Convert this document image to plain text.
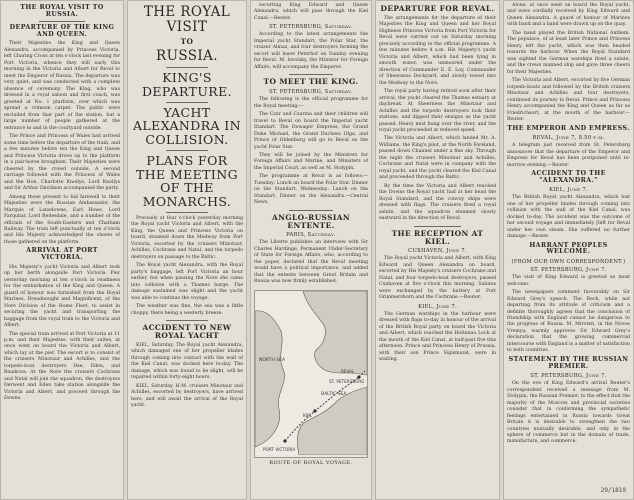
THE ROYAL VISIT TO RUSSIA.
DEPARTURE OF THE KING AND QUEEN.

Their Majesties the King and Queen Alexandra, accompanied by Princess Victoria, left Charing Cross at ten o'clock last evening for Port Victoria, whence they will early this morning in the Victoria and Albert for Reval to meet the Emperor of Russia. The departure was very quiet, and was conducted with a complete absence of ceremony. The King, who was dressed in a royal saloon and first coach, was greeted at No. 1 platform, over which was spread a crimson carpet. The public were excluded from that part of the station, but a large number of people gathered at the entrance to and in the courtyard outside.

The Prince and Princess of Wales had arrived some time before the departure of the train, and a few minutes before ten the King and Queen and Princess Victoria drove up to the platform in a pair-horse brougham. Their Majesties were cheered by the crowd outside. A second carriage followed with the Princess of Wales and the Hon. Charlotte Knollys. Lord Knollys and Sir Arthur Davidson accompanied the party.

Among those present to bid farewell to their Majesties were the Russian Ambassador, the Marquis of Lansdowne, Earl Howe, Lord Farquhar, Lord Redesdale, and a number of the officials of the South-Eastern and Chatham Railway. The train left punctually at ten o'clock and His Majesty acknowledged the cheers of those gathered on the platform.

ARRIVAL AT PORT VICTORIA.

His Majesty's yacht Victoria and Albert took up her berth alongside Port Victoria Pier yesterday morning at ten o'clock in readiness for the embarkation of the King and Queen. A guard of honour was furnished from the Royal Marines, Dreadnought and Magnificent, of the Nore Division of the Home Fleet, to assist in securing the yacht and transporting the baggage from the royal train to the Victoria and Albert.

The special train arrived at Port Victoria at 11 p.m. and their Majesties, with their suites, at once went on board the Victoria and Albert, which lay at the pier. The escort is to consist of the cruisers Minotaur and Achilles, and the torpedo-boat destroyers Dee, Eden, and Boadicea. At the Nore the cruisers Cochrane and Natal will join the squadron, the destroyers Derwent and Eden take station alongside the Victoria and Albert, and proceed through the Downs.

THE ROYAL VISIT
TO
RUSSIA.
KING'S DEPARTURE.
YACHT ALEXANDRA IN COLLISION.
PLANS FOR THE MEETING OF THE MONARCHS.

Precisely at four o'clock yesterday morning the Royal yacht Victoria and Albert, with the King, the Queen and Princess Victoria on board, steamed down the Medway from Port Victoria, escorted by the cruisers Minotaur, Achilles, Cochrane and Natal, and the torpedo destroyers on passage to the Baltic.

The Royal yacht Alexandra, with the Royal party's baggage, left Port Victoria an hour earlier, but when passing the Nore she came into collision with a Thames barge. The damage sustained was slight and the yacht was able to continue the voyage.

The weather was fine, the sea was a little choppy, there being a westerly breeze.

ACCIDENT TO NEW ROYAL YACHT

KIEL, Saturday. The Royal yacht Alexandra, which damaged one of her propeller blades through coming into contact with the wall of the Kiel Canal, was docked here to-day. The damage, which was found to be slight, will be repaired within forty-eight hours.

KIEL, Saturday. H.M. cruisers Minotaur and Achilles, escorted by destroyers, have arrived here, and will await the arrival of the Royal yacht.

escorting King Edward and Queen Alexandra, which will pass through the Kiel Canal.—Reuter.

ST. PETERSBURG, Saturday.

According to the latest arrangements the Imperial yacht Standart, the Polar Star, the cruiser Almaz, and four destroyers forming the escort will leave Peterhof on Sunday evening for Reval. M. Isvolsky, the Minister for Foreign Affairs, will accompany the Emperor.

TO MEET THE KING.
ST. PETERSBURG, Saturday.

The following is the official programme for the Royal meeting:—

The Czar and Czarina and their children will travel to Reval on board the Imperial yacht Standart. The Dowager Empress, the Grand Duke Michael, the Grand Duchess Olga, and Prince of Oldenburg will go to Reval on the yacht Polar Star.

They will be joined by the Ministers for Foreign Affairs and Marine, and Ministers of the Imperial Court, as well as M. Stolypin.

The programme at Reval is as follows:— Tuesday: Lunch on board the Polar Star. Dinner on the Standart. Wednesday: Lunch on the Standart. Dinner on the Alexandra.—Central News.

ANGLO-RUSSIAN ENTENTE.
PARIS, Saturday.

The Liberte publishes an interview with Sir Charles Hardinge, Permanent Under-Secretary of State for Foreign Affairs, who, according to the paper, declared that the Reval meeting would have a political importance, and added that the entente between Great Britain and Russia was now firmly established.

BALTIC SEA
NORTH SEA
KIEL
REVAL
PORT VICTORIA
ST. PETERSBURG
ROUTE OF ROYAL VOYAGE.
DEPARTURE FOR REVAL.

The arrangements for the departure of their Majesties the King and Queen and her Royal Highness Princess Victoria from Port Victoria for Reval were carried out on Saturday morning precisely according to the official programme. A few minutes before 4 a.m. His Majesty's yacht Victoria and Albert, which had been lying in smooth water, was unmoored under the direction of Commander E. E. Loy, Commander of Sheerness Dockyard, and slowly towed into the Medway to the Nore.

The royal party having retired soon after their arrival, the yacht cleared the Thames estuary at daybreak. At Sheerness the Minotaur and Achilles and the torpedo destroyers took their stations, and dipped their ensigns as the yacht passed. Heavy mist hung over the river, and the royal yacht proceeded at reduced speed.

The Victoria and Albert, which landed Mr. A. Williams, the King's pilot, at the North Foreland, passed down Channel under a fine sky. Through the night the cruisers Minotaur and Achilles, Cochrane and Natal were in company with the royal yacht, and the yacht cleared the Kiel Canal and proceeded through the Baltic.

By the time the Victoria and Albert reached the Downs the Royal yacht had at her head the Royal Standard, and the convoy ships were dressed with flags. The cruisers fired a royal salute, and the squadron steamed slowly eastward in the direction of Reval.

THE RECEPTION AT KIEL.
CUXHAVEN, June 7.

The Royal yacht Victoria and Albert, with King Edward and Queen Alexandra on board, escorted by His Majesty's cruisers Cochrane and Natal, and four torpedo-boat destroyers, passed Cuxhaven at five o'clock this morning. Salutes were exchanged by the battery at Fort Grimmershorn and the Cochrane.—Reuter.

KIEL, June 7.

The German warships in the harbour were dressed with flags to-day in honour of the arrival of the British Royal party on board the Victoria and Albert, which reached the Holtenau Lock at the mouth of the Kiel Canal, at half-past five this afternoon. Prince and Princess Henry of Prussia, with their son Prince Sigismund, were in waiting.

Alone, at once went on board the Royal yacht, and were cordially received by King Edward and Queen Alexandra. A guard of honour of Marines with band and a band were drawn up on the quay.

The band played the British National Anthem. The populace, of at least later Prince and Princess Henry left the yacht, which was then headed towards the harbour. When the Royal Standard was sighted the German warships fired a salute, and the crews manned ship and gave three cheers for their Majesties.

The Victoria and Albert, escorted by five German torpedo-boats and followed by the British cruisers Minotaur and Achilles and four destroyers, continued its journey to Reval. Prince and Princess Henry accompanied the King and Queen as far as Friedrichsort, at the mouth of the harbour.—Reuter.

THE EMPEROR AND EMPRESS.
REVAL, June 7, 8.50 p.m.

A telegram just received from St. Petersburg announces that the departure of the Emperor and Empress for Reval has been postponed until to-morrow evening.—Reuter.

ACCIDENT TO THE "ALEXANDRA."
KIEL, June 7.

The British Royal yacht Alexandra, which lost one of her propeller blades through coming into collision with the wall of the Kiel Canal, was docked to-day. The accident was the outcome of her second voyage and immediately [left for Reval under her own steam. She suffered no further damage.—Reuter.

HARRANT PEOPLES WELCOME.
(FROM OUR OWN CORRESPONDENT.)
ST. PETERSBURG, June 7.

The visit of King Edward is greeted as most welcome.

The newspapers comment favourably on Sir Edward Grey's speech. The Rech, while not departing from its attitude of criticism and a definite thoroughly agrees that the conclusion of friendship with England cannot be dangerous to the progress of Russia. M. Miroten, in the Novoe Vremya, warmly approves Sir Edward Grey's declaration that the growing commercial intercourse with England is a matter of satisfaction to both countries.

STATEMENT BY THE RUSSIAN PREMIER.
ST. PETERSBURG, June 7.

On the eve of King Edward's arrival Reuter's correspondent received a message from M. Stolypin, the Russian Premier, to the effect that the majority of the Moscow and provincial societies consider that in conforming the sympathetic feelings entertained in Russia towards Great Britain it is desirable to strengthen the two countries mutually desirable, and only in the sphere of commerce but in the domain of trade, manufacture, and commerce.

29/1819
